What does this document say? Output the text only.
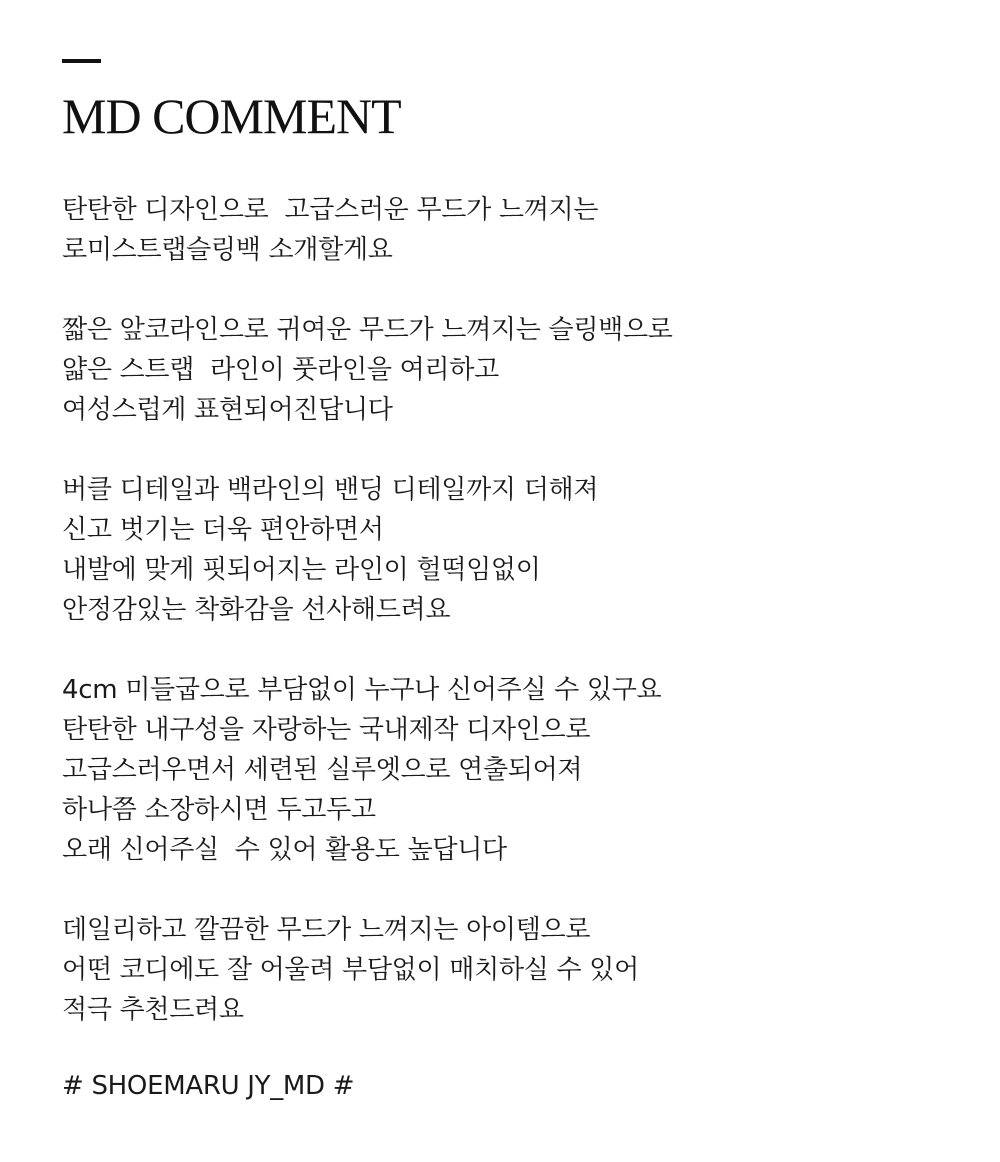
MD COMMENT
탄탄한 디자인으로  고급스러운 무드가 느껴지는
로미스트랩슬링백 소개할게요
짧은 앞코라인으로 귀여운 무드가 느껴지는 슬링백으로
얇은 스트랩  라인이 풋라인을 여리하고
여성스럽게 표현되어진답니다
버클 디테일과 백라인의 밴딩 디테일까지 더해져
신고 벗기는 더욱 편안하면서
내발에 맞게 핏되어지는 라인이 헐떡임없이
안정감있는 착화감을 선사해드려요
4cm 미들굽으로 부담없이 누구나 신어주실 수 있구요
탄탄한 내구성을 자랑하는 국내제작 디자인으로
고급스러우면서 세련된 실루엣으로 연출되어져
하나쯤 소장하시면 두고두고
오래 신어주실  수 있어 활용도 높답니다
데일리하고 깔끔한 무드가 느껴지는 아이템으로
어떤 코디에도 잘 어울려 부담없이 매치하실 수 있어
적극 추천드려요
# SHOEMARU JY_MD #
